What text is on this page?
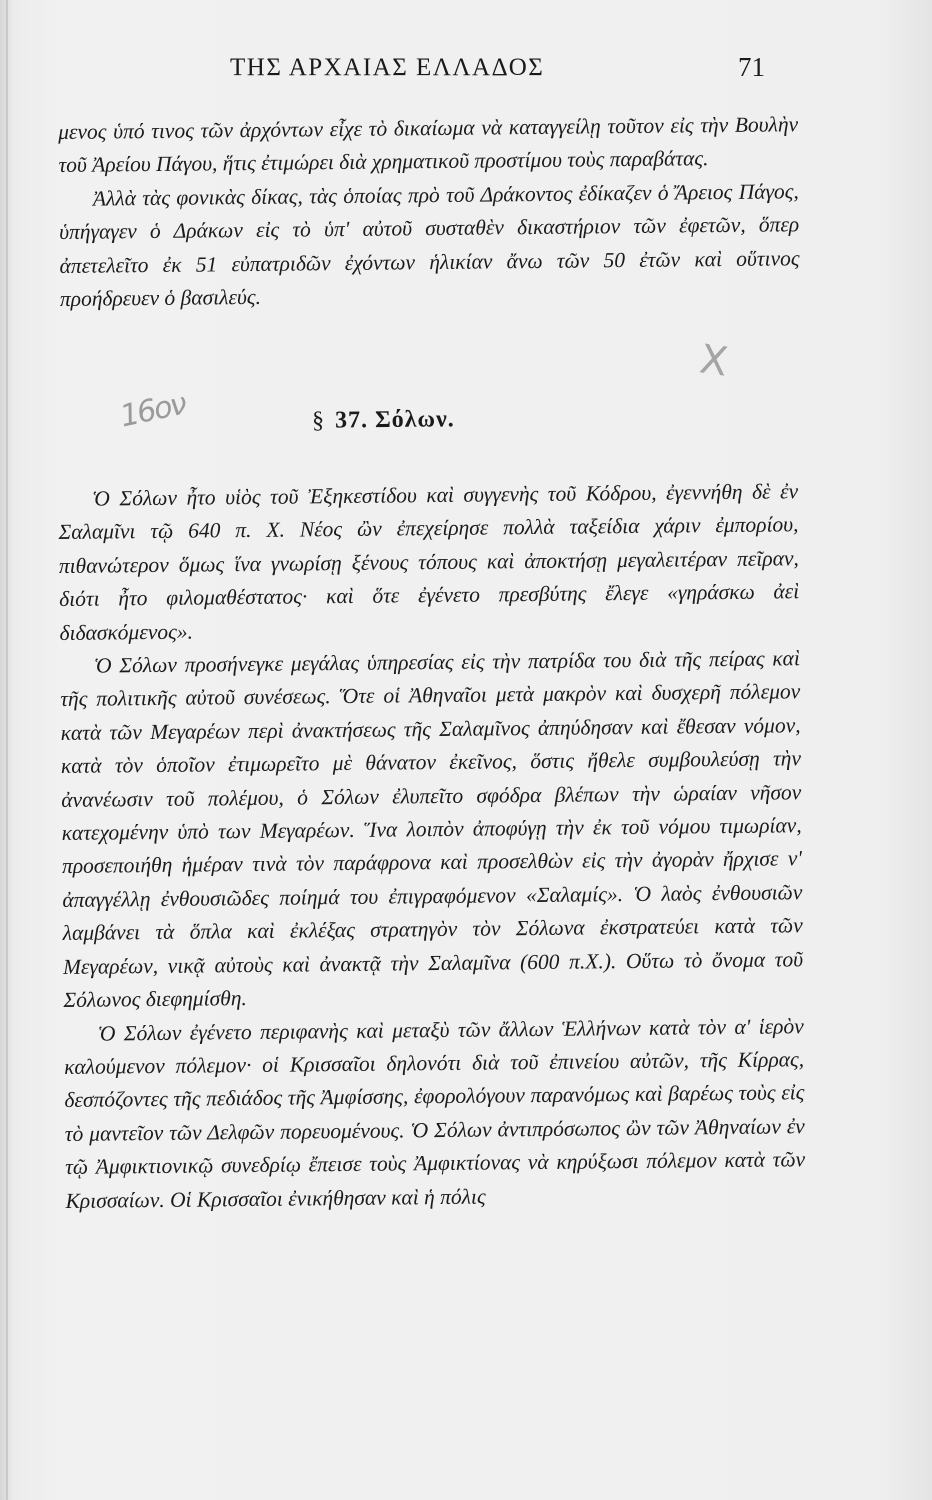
ΤΗΣ ΑΡΧΑΙΑΣ ΕΛΛΑΔΟΣ	71

μενος ὑπό τινος τῶν ἀρχόντων εἶχε τὸ δικαίωμα νὰ καταγγείλῃ τοῦτον εἰς τὴν Βουλὴν τοῦ Ἀρείου Πάγου, ἥτις ἐτιμώρει διὰ χρηματικοῦ προστίμου τοὺς παραβάτας.

Ἀλλὰ τὰς φονικὰς δίκας, τὰς ὁποίας πρὸ τοῦ Δράκοντος ἐδίκαζεν ὁ Ἄρειος Πάγος, ὑπήγαγεν ὁ Δράκων εἰς τὸ ὑπ' αὐτοῦ συσταθὲν δικαστήριον τῶν ἐφετῶν, ὅπερ ἀπετελεῖτο ἐκ 51 εὐπατριδῶν ἐχόντων ἡλικίαν ἄνω τῶν 50 ἐτῶν καὶ οὕτινος προήδρευεν ὁ βασιλεύς.

X
16ον	§ 37. Σόλων.

Ὁ Σόλων ἦτο υἱὸς τοῦ Ἐξηκεστίδου καὶ συγγενὴς τοῦ Κόδρου, ἐγεννήθη δὲ ἐν Σαλαμῖνι τῷ 640 π. Χ. Νέος ὢν ἐπεχείρησε πολλὰ ταξείδια χάριν ἐμπορίου, πιθανώτερον ὅμως ἵνα γνωρίσῃ ξένους τόπους καὶ ἀποκτήσῃ μεγαλειτέραν πεῖραν, διότι ἦτο φιλομαθέστατος· καὶ ὅτε ἐγένετο πρεσβύτης ἔλεγε «γηράσκω ἀεὶ διδασκόμενος».

Ὁ Σόλων προσήνεγκε μεγάλας ὑπηρεσίας εἰς τὴν πατρίδα του διὰ τῆς πείρας καὶ τῆς πολιτικῆς αὐτοῦ συνέσεως. Ὅτε οἱ Ἀθηναῖοι μετὰ μακρὸν καὶ δυσχερῆ πόλεμον κατὰ τῶν Μεγαρέων περὶ ἀνακτήσεως τῆς Σαλαμῖνος ἀπηύδησαν καὶ ἔθεσαν νόμον, κατὰ τὸν ὁποῖον ἐτιμωρεῖτο μὲ θάνατον ἐκεῖνος, ὅστις ἤθελε συμβουλεύσῃ τὴν ἀνανέωσιν τοῦ πολέμου, ὁ Σόλων ἐλυπεῖτο σφόδρα βλέπων τὴν ὡραίαν νῆσον κατεχομένην ὑπὸ των Μεγαρέων. Ἵνα λοιπὸν ἀποφύγῃ τὴν ἐκ τοῦ νόμου τιμωρίαν, προσεποιήθη ἡμέραν τινὰ τὸν παράφρονα καὶ προσελθὼν εἰς τὴν ἀγορὰν ἤρχισε ν' ἀπαγγέλλῃ ἐνθουσιῶδες ποίημά του ἐπιγραφόμενον «Σαλαμίς». Ὁ λαὸς ἐνθουσιῶν λαμβάνει τὰ ὅπλα καὶ ἐκλέξας στρατηγὸν τὸν Σόλωνα ἐκστρατεύει κατὰ τῶν Μεγαρέων, νικᾷ αὐτοὺς καὶ ἀνακτᾷ τὴν Σαλαμῖνα (600 π.Χ.). Οὕτω τὸ ὄνομα τοῦ Σόλωνος διεφημίσθη.

Ὁ Σόλων ἐγένετο περιφανὴς καὶ μεταξὺ τῶν ἄλλων Ἑλλήνων κατὰ τὸν α' ἱερὸν καλούμενον πόλεμον· οἱ Κρισσαῖοι δηλονότι διὰ τοῦ ἐπινείου αὐτῶν, τῆς Κίρρας, δεσπόζοντες τῆς πεδιάδος τῆς Ἀμφίσσης, ἐφορολόγουν παρανόμως καὶ βαρέως τοὺς εἰς τὸ μαντεῖον τῶν Δελφῶν πορευομένους. Ὁ Σόλων ἀντιπρόσωπος ὢν τῶν Ἀθηναίων ἐν τῷ Ἀμφικτιονικῷ συνεδρίῳ ἔπεισε τοὺς Ἀμφικτίονας νὰ κηρύξωσι πόλεμον κατὰ τῶν Κρισσαίων. Οἱ Κρισσαῖοι ἐνικήθησαν καὶ ἡ πόλις
